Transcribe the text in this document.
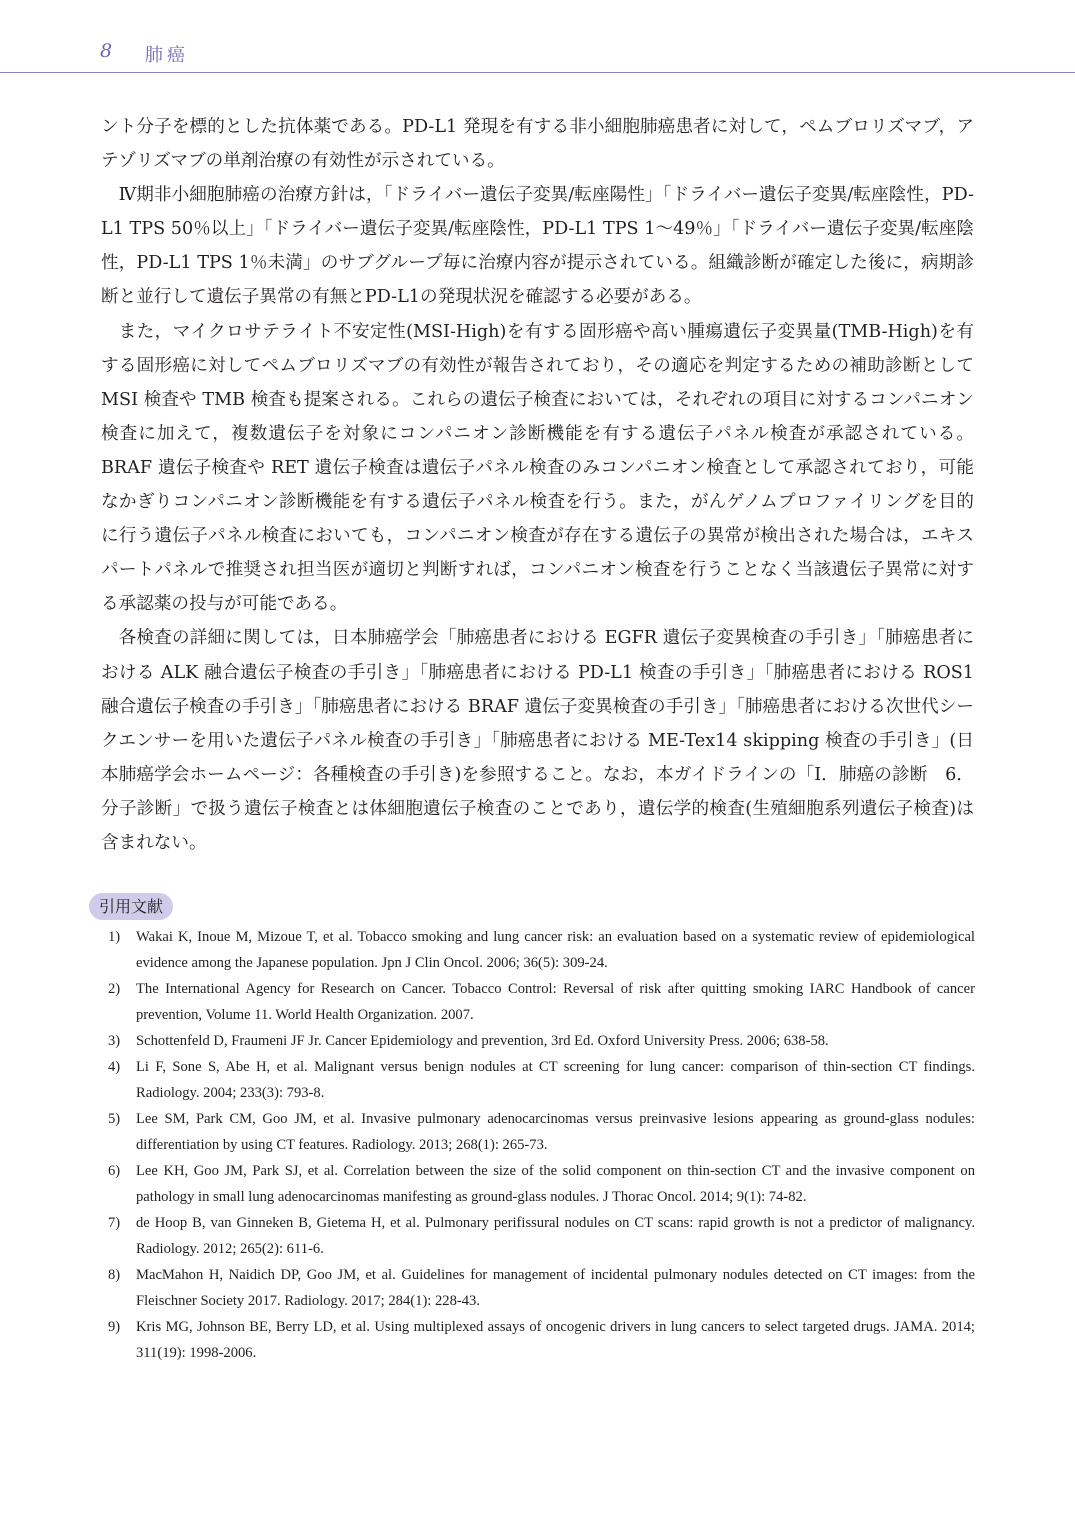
8 肺癌

ント分子を標的とした抗体薬である。PD-L1 発現を有する非小細胞肺癌患者に対して，ペムブロリズマブ，アテゾリズマブの単剤治療の有効性が示されている。

Ⅳ期非小細胞肺癌の治療方針は，「ドライバー遺伝子変異/転座陽性」「ドライバー遺伝子変異/転座陰性，PD-L1 TPS 50％以上」「ドライバー遺伝子変異/転座陰性，PD-L1 TPS 1〜49％」「ドライバー遺伝子変異/転座陰性，PD-L1 TPS 1％未満」のサブグループ毎に治療内容が提示されている。組織診断が確定した後に，病期診断と並行して遺伝子異常の有無とPD-L1の発現状況を確認する必要がある。

また，マイクロサテライト不安定性(MSI-High)を有する固形癌や高い腫瘍遺伝子変異量(TMB-High)を有する固形癌に対してペムブロリズマブの有効性が報告されており，その適応を判定するための補助診断として MSI 検査や TMB 検査も提案される。これらの遺伝子検査においては，それぞれの項目に対するコンパニオン検査に加えて，複数遺伝子を対象にコンパニオン診断機能を有する遺伝子パネル検査が承認されている。BRAF 遺伝子検査や RET 遺伝子検査は遺伝子パネル検査のみコンパニオン検査として承認されており，可能なかぎりコンパニオン診断機能を有する遺伝子パネル検査を行う。また，がんゲノムプロファイリングを目的に行う遺伝子パネル検査においても，コンパニオン検査が存在する遺伝子の異常が検出された場合は，エキスパートパネルで推奨され担当医が適切と判断すれば，コンパニオン検査を行うことなく当該遺伝子異常に対する承認薬の投与が可能である。

各検査の詳細に関しては，日本肺癌学会「肺癌患者における EGFR 遺伝子変異検査の手引き」「肺癌患者における ALK 融合遺伝子検査の手引き」「肺癌患者における PD-L1 検査の手引き」「肺癌患者における ROS1 融合遺伝子検査の手引き」「肺癌患者における BRAF 遺伝子変異検査の手引き」「肺癌患者における次世代シークエンサーを用いた遺伝子パネル検査の手引き」「肺癌患者における ME-Tex14 skipping 検査の手引き」(日本肺癌学会ホームページ：各種検査の手引き)を参照すること。なお，本ガイドラインの「Ⅰ．肺癌の診断　6．分子診断」で扱う遺伝子検査とは体細胞遺伝子検査のことであり，遺伝学的検査(生殖細胞系列遺伝子検査)は含まれない。

引用文献
1)	Wakai K, Inoue M, Mizoue T, et al. Tobacco smoking and lung cancer risk: an evaluation based on a systematic review of epidemiological evidence among the Japanese population. Jpn J Clin Oncol. 2006; 36(5): 309-24.
2)	The International Agency for Research on Cancer. Tobacco Control: Reversal of risk after quitting smoking IARC Handbook of cancer prevention, Volume 11. World Health Organization. 2007.
3)	Schottenfeld D, Fraumeni JF Jr. Cancer Epidemiology and prevention, 3rd Ed. Oxford University Press. 2006; 638-58.
4)	Li F, Sone S, Abe H, et al. Malignant versus benign nodules at CT screening for lung cancer: comparison of thin-section CT findings. Radiology. 2004; 233(3): 793-8.
5)	Lee SM, Park CM, Goo JM, et al. Invasive pulmonary adenocarcinomas versus preinvasive lesions appearing as ground-glass nodules: differentiation by using CT features. Radiology. 2013; 268(1): 265-73.
6)	Lee KH, Goo JM, Park SJ, et al. Correlation between the size of the solid component on thin-section CT and the invasive component on pathology in small lung adenocarcinomas manifesting as ground-glass nodules. J Thorac Oncol. 2014; 9(1): 74-82.
7)	de Hoop B, van Ginneken B, Gietema H, et al. Pulmonary perifissural nodules on CT scans: rapid growth is not a predictor of malignancy. Radiology. 2012; 265(2): 611-6.
8)	MacMahon H, Naidich DP, Goo JM, et al. Guidelines for management of incidental pulmonary nodules detected on CT images: from the Fleischner Society 2017. Radiology. 2017; 284(1): 228-43.
9)	Kris MG, Johnson BE, Berry LD, et al. Using multiplexed assays of oncogenic drivers in lung cancers to select targeted drugs. JAMA. 2014; 311(19): 1998-2006.
